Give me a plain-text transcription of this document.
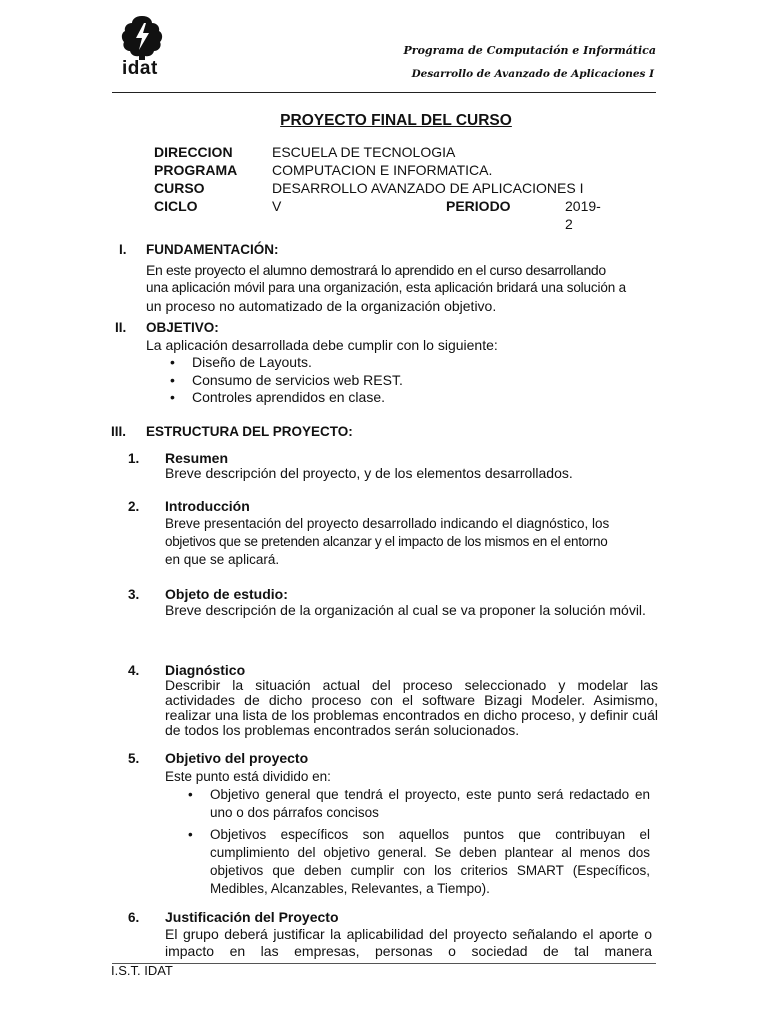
idat
Programa de Computación e Informática
Desarrollo de Avanzado de Aplicaciones I
PROYECTO FINAL DEL CURSO
DIRECCION	ESCUELA DE TECNOLOGIA
PROGRAMA COMPUTACION E INFORMATICA.
CURSO	DESARROLLO AVANZADO DE APLICACIONES I
CICLO	V	PERIODO	2019-2
I. FUNDAMENTACIÓN:
En este proyecto el alumno demostrará lo aprendido en el curso desarrollando
una aplicación móvil para una organización, esta aplicación bridará una solución a
un proceso no automatizado de la organización objetivo.
II. OBJETIVO:
La aplicación desarrollada debe cumplir con lo siguiente:
• Diseño de Layouts.
• Consumo de servicios web REST.
• Controles aprendidos en clase.
III. ESTRUCTURA DEL PROYECTO:
1. Resumen
Breve descripción del proyecto, y de los elementos desarrollados.
2. Introducción
Breve presentación del proyecto desarrollado indicando el diagnóstico, los
objetivos que se pretenden alcanzar y el impacto de los mismos en el entorno
en que se aplicará.
3. Objeto de estudio:
Breve descripción de la organización al cual se va proponer la solución móvil.
4. Diagnóstico
Describir la situación actual del proceso seleccionado y modelar las actividades de dicho proceso con el software Bizagi Modeler. Asimismo, realizar una lista de los problemas encontrados en dicho proceso, y definir cuál de todos los problemas encontrados serán solucionados.
5. Objetivo del proyecto
Este punto está dividido en:
• Objetivo general que tendrá el proyecto, este punto será redactado en uno o dos párrafos concisos
• Objetivos específicos son aquellos puntos que contribuyan el cumplimiento del objetivo general. Se deben plantear al menos dos objetivos que deben cumplir con los criterios SMART (Específicos, Medibles, Alcanzables, Relevantes, a Tiempo).
6. Justificación del Proyecto
El grupo deberá justificar la aplicabilidad del proyecto señalando el aporte o impacto en las empresas, personas o sociedad de tal manera
I.S.T. IDAT
